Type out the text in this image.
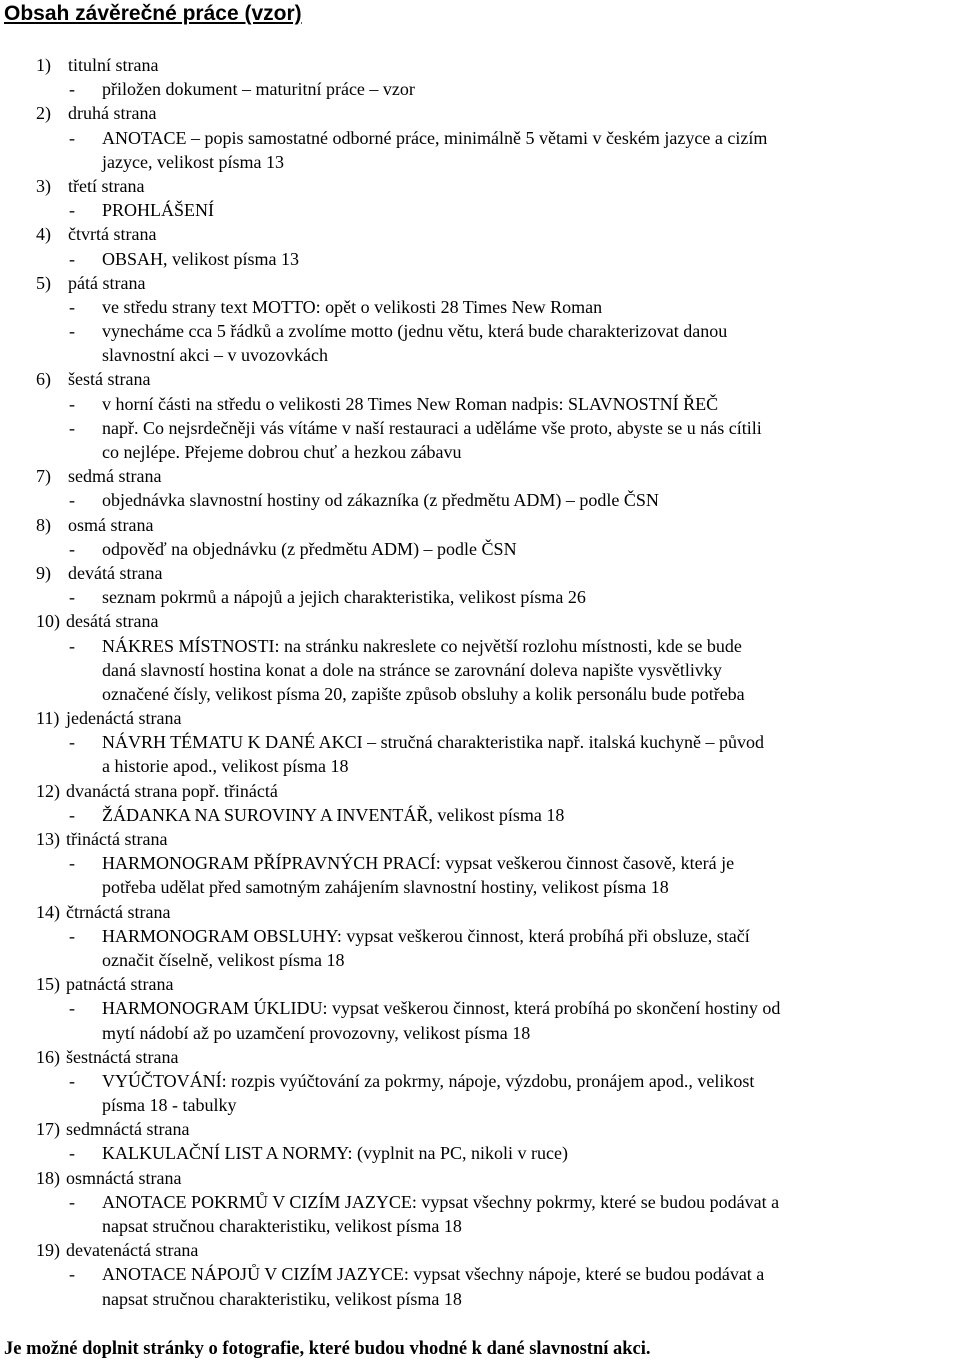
Obsah závěrečné práce (vzor)
1) titulní strana
- přiložen dokument – maturitní práce – vzor
2) druhá strana
- ANOTACE – popis samostatné odborné práce, minimálně 5 větami v českém jazyce a cizím
jazyce, velikost písma 13
3) třetí strana
- PROHLÁŠENÍ
4) čtvrtá strana
- OBSAH, velikost písma 13
5) pátá strana
- ve středu strany text MOTTO: opět o velikosti 28 Times New Roman
- vynecháme cca 5 řádků a zvolíme motto (jednu větu, která bude charakterizovat danou
slavnostní akci – v uvozovkách
6) šestá strana
- v horní části na středu o velikosti 28 Times New Roman nadpis: SLAVNOSTNÍ ŘEČ
- např. Co nejsrdečněji vás vítáme v naší restauraci a uděláme vše proto, abyste se u nás cítili
co nejlépe. Přejeme dobrou chuť a hezkou zábavu
7) sedmá strana
- objednávka slavnostní hostiny od zákazníka (z předmětu ADM) – podle ČSN
8) osmá strana
- odpověď na objednávku (z předmětu ADM) – podle ČSN
9) devátá strana
- seznam pokrmů a nápojů a jejich charakteristika, velikost písma 26
10) desátá strana
- NÁKRES MÍSTNOSTI: na stránku nakreslete co největší rozlohu místnosti, kde se bude
daná slavností hostina konat a dole na stránce se zarovnání doleva napište vysvětlivky
označené čísly, velikost písma 20, zapište způsob obsluhy a kolik personálu bude potřeba
11) jedenáctá strana
- NÁVRH TÉMATU K DANÉ AKCI – stručná charakteristika např. italská kuchyně – původ
a historie apod., velikost písma 18
12) dvanáctá strana popř. třináctá
- ŽÁDANKA NA SUROVINY A INVENTÁŘ, velikost písma 18
13) třináctá strana
- HARMONOGRAM PŘÍPRAVNÝCH PRACÍ: vypsat veškerou činnost časově, která je
potřeba udělat před samotným zahájením slavnostní hostiny, velikost písma 18
14) čtrnáctá strana
- HARMONOGRAM OBSLUHY: vypsat veškerou činnost, která probíhá při obsluze, stačí
označit číselně, velikost písma 18
15) patnáctá strana
- HARMONOGRAM ÚKLIDU: vypsat veškerou činnost, která probíhá po skončení hostiny od
mytí nádobí až po uzamčení provozovny, velikost písma 18
16) šestnáctá strana
- VYÚČTOVÁNÍ: rozpis vyúčtování za pokrmy, nápoje, výzdobu, pronájem apod., velikost
písma 18 - tabulky
17) sedmnáctá strana
- KALKULAČNÍ LIST A NORMY: (vyplnit na PC, nikoli v ruce)
18) osmnáctá strana
- ANOTACE POKRMŮ V CIZÍM JAZYCE: vypsat všechny pokrmy, které se budou podávat a
napsat stručnou charakteristiku, velikost písma 18
19) devatenáctá strana
- ANOTACE NÁPOJŮ V CIZÍM JAZYCE: vypsat všechny nápoje, které se budou podávat a
napsat stručnou charakteristiku, velikost písma 18
Je možné doplnit stránky o fotografie, které budou vhodné k dané slavnostní akci.
